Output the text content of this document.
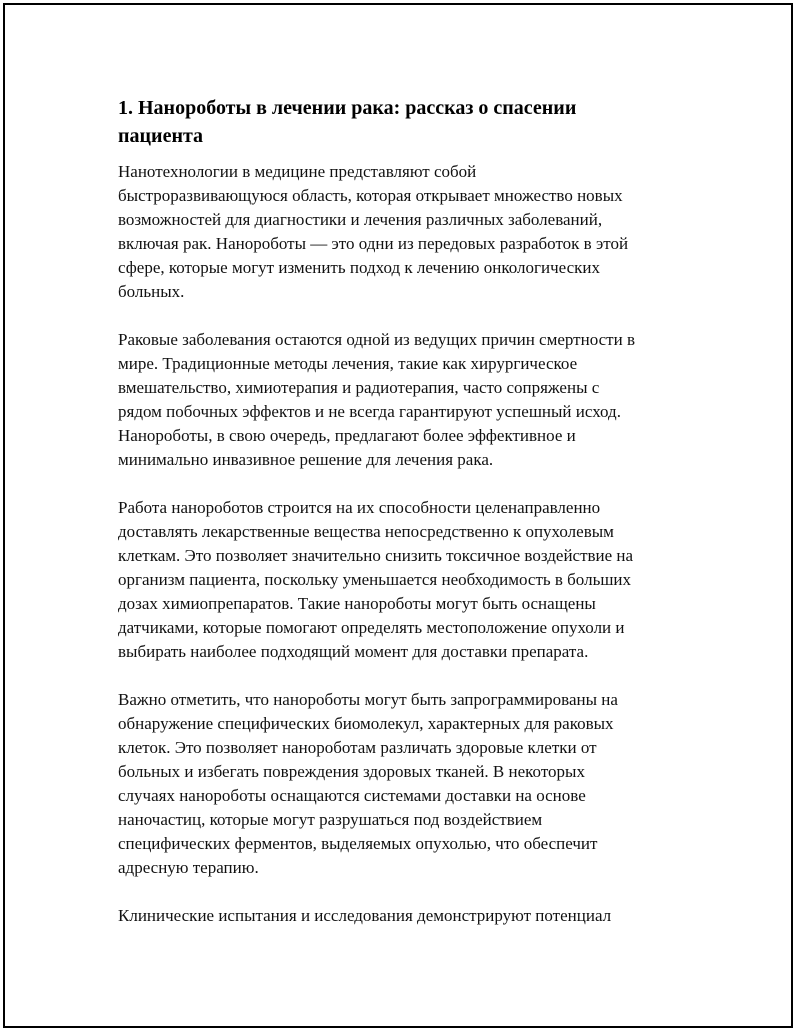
1. Нанороботы в лечении рака: рассказ о спасении
пациента

Нанотехнологии в медицине представляют собой
быстроразвивающуюся область, которая открывает множество новых
возможностей для диагностики и лечения различных заболеваний,
включая рак. Нанороботы — это одни из передовых разработок в этой
сфере, которые могут изменить подход к лечению онкологических
больных.

Раковые заболевания остаются одной из ведущих причин смертности в
мире. Традиционные методы лечения, такие как хирургическое
вмешательство, химиотерапия и радиотерапия, часто сопряжены с
рядом побочных эффектов и не всегда гарантируют успешный исход.
Нанороботы, в свою очередь, предлагают более эффективное и
минимально инвазивное решение для лечения рака.

Работа нанороботов строится на их способности целенаправленно
доставлять лекарственные вещества непосредственно к опухолевым
клеткам. Это позволяет значительно снизить токсичное воздействие на
организм пациента, поскольку уменьшается необходимость в больших
дозах химиопрепаратов. Такие нанороботы могут быть оснащены
датчиками, которые помогают определять местоположение опухоли и
выбирать наиболее подходящий момент для доставки препарата.

Важно отметить, что нанороботы могут быть запрограммированы на
обнаружение специфических биомолекул, характерных для раковых
клеток. Это позволяет нанороботам различать здоровые клетки от
больных и избегать повреждения здоровых тканей. В некоторых
случаях нанороботы оснащаются системами доставки на основе
наночастиц, которые могут разрушаться под воздействием
специфических ферментов, выделяемых опухолью, что обеспечит
адресную терапию.

Клинические испытания и исследования демонстрируют потенциал
